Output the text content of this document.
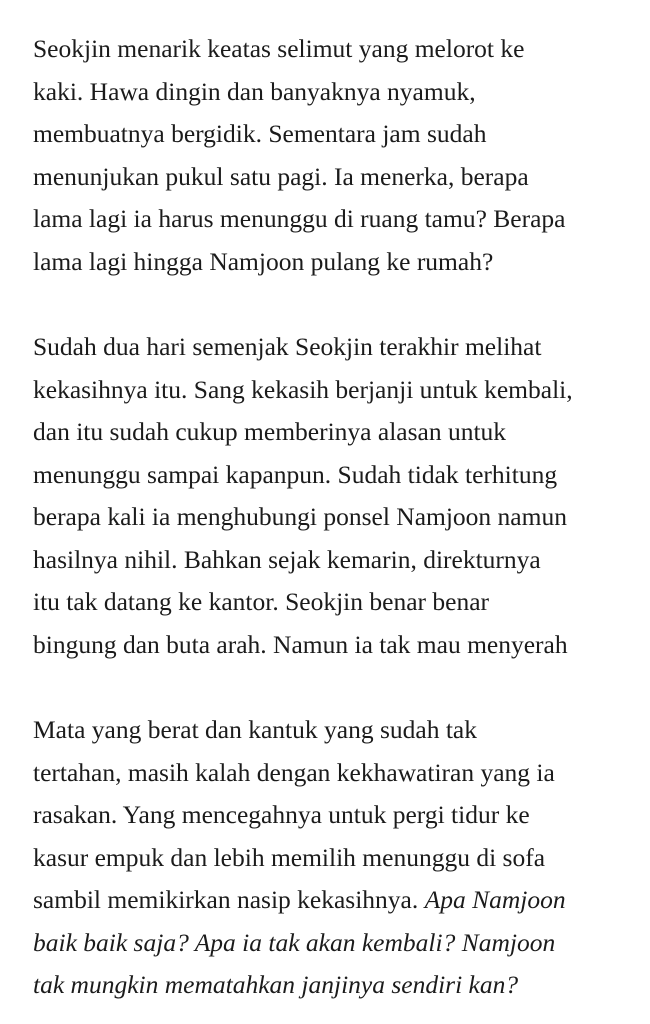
Seokjin menarik keatas selimut yang melorot ke
kaki. Hawa dingin dan banyaknya nyamuk,
membuatnya bergidik. Sementara jam sudah
menunjukan pukul satu pagi. Ia menerka, berapa
lama lagi ia harus menunggu di ruang tamu? Berapa
lama lagi hingga Namjoon pulang ke rumah?
Sudah dua hari semenjak Seokjin terakhir melihat
kekasihnya itu. Sang kekasih berjanji untuk kembali,
dan itu sudah cukup memberinya alasan untuk
menunggu sampai kapanpun. Sudah tidak terhitung
berapa kali ia menghubungi ponsel Namjoon namun
hasilnya nihil. Bahkan sejak kemarin, direkturnya
itu tak datang ke kantor. Seokjin benar benar
bingung dan buta arah. Namun ia tak mau menyerah
Mata yang berat dan kantuk yang sudah tak
tertahan, masih kalah dengan kekhawatiran yang ia
rasakan. Yang mencegahnya untuk pergi tidur ke
kasur empuk dan lebih memilih menunggu di sofa
sambil memikirkan nasip kekasihnya. Apa Namjoon
baik baik saja? Apa ia tak akan kembali? Namjoon
tak mungkin mematahkan janjinya sendiri kan?
